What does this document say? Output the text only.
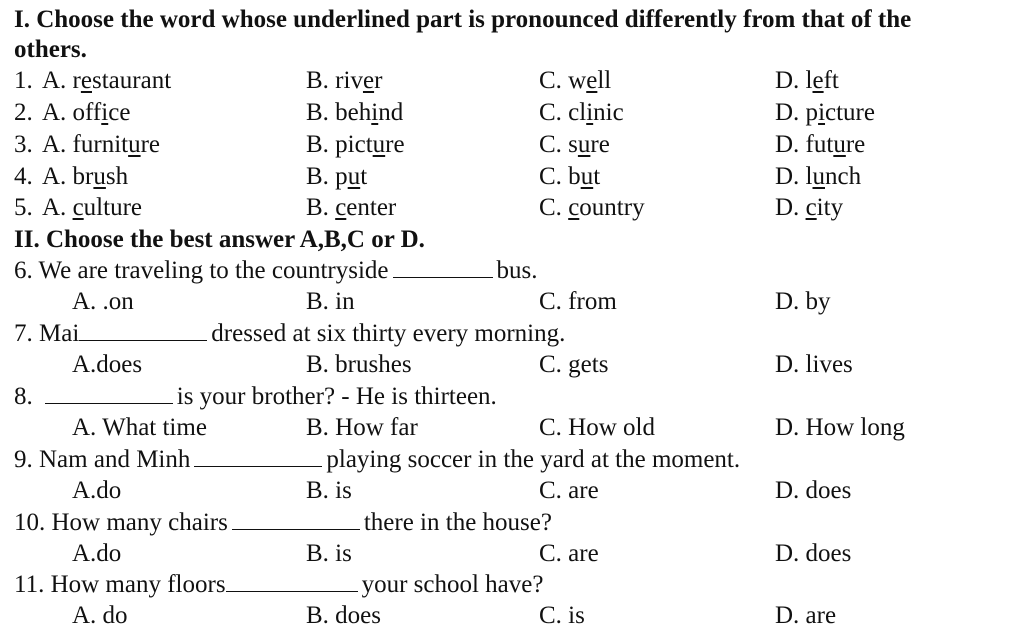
I. Choose the word whose underlined part is pronounced differently from that of the
others.
1. A. restaurant	B. river	C. well	D. left
2. A. office	B. behind	C. clinic	D. picture
3. A. furniture	B. picture	C. sure	D. future
4. A. brush	B. put	C. but	D. lunch
5. A. culture	B. center	C. country	D. city
II. Choose the best answer A,B,C or D.
6. We are traveling to the countryside	bus.
A. .on	B. in	C. from	D. by
7. Mai	dressed at six thirty every morning.
A.does	B. brushes	C. gets	D. lives
8.	is your brother? - He is thirteen.
A. What time	B. How far	C. How old	D. How long
9. Nam and Minh	playing soccer in the yard at the moment.
A.do	B. is	C. are	D. does
10. How many chairs	there in the house?
A.do	B. is	C. are	D. does
11. How many floors	your school have?
A. do	B. does	C. is	D. are
